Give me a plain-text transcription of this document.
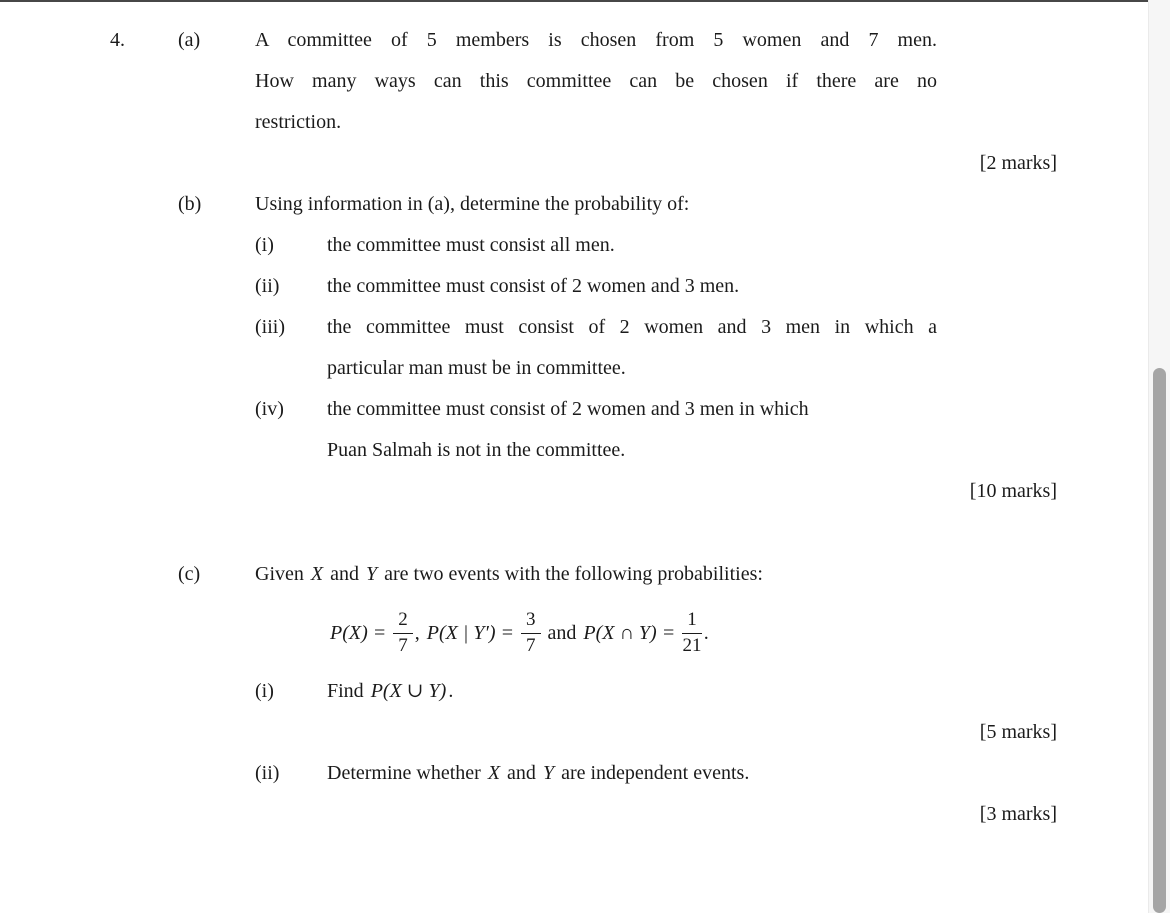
4.	(a)	A committee of 5 members is chosen from 5 women and 7 men.
How many ways can this committee can be chosen if there are no
restriction.
[2 marks]
(b)	Using information in (a), determine the probability of:
(i)	the committee must consist all men.
(ii)	the committee must consist of 2 women and 3 men.
(iii)	the committee must consist of 2 women and 3 men in which a
particular man must be in committee.
(iv)	the committee must consist of 2 women and 3 men in which
Puan Salmah is not in the committee.
[10 marks]
(c)	Given X and Y are two events with the following probabilities:
$P(X) = \frac{2}{7}$ , P(X | $Y') = \frac{3}{7}$ and P(X ∩ $Y) = \frac{1}{21}$ .
(i)	Find P(X ∪ Y) .
[5 marks]
(ii)	Determine whether X and Y are independent events.
[3 marks]
